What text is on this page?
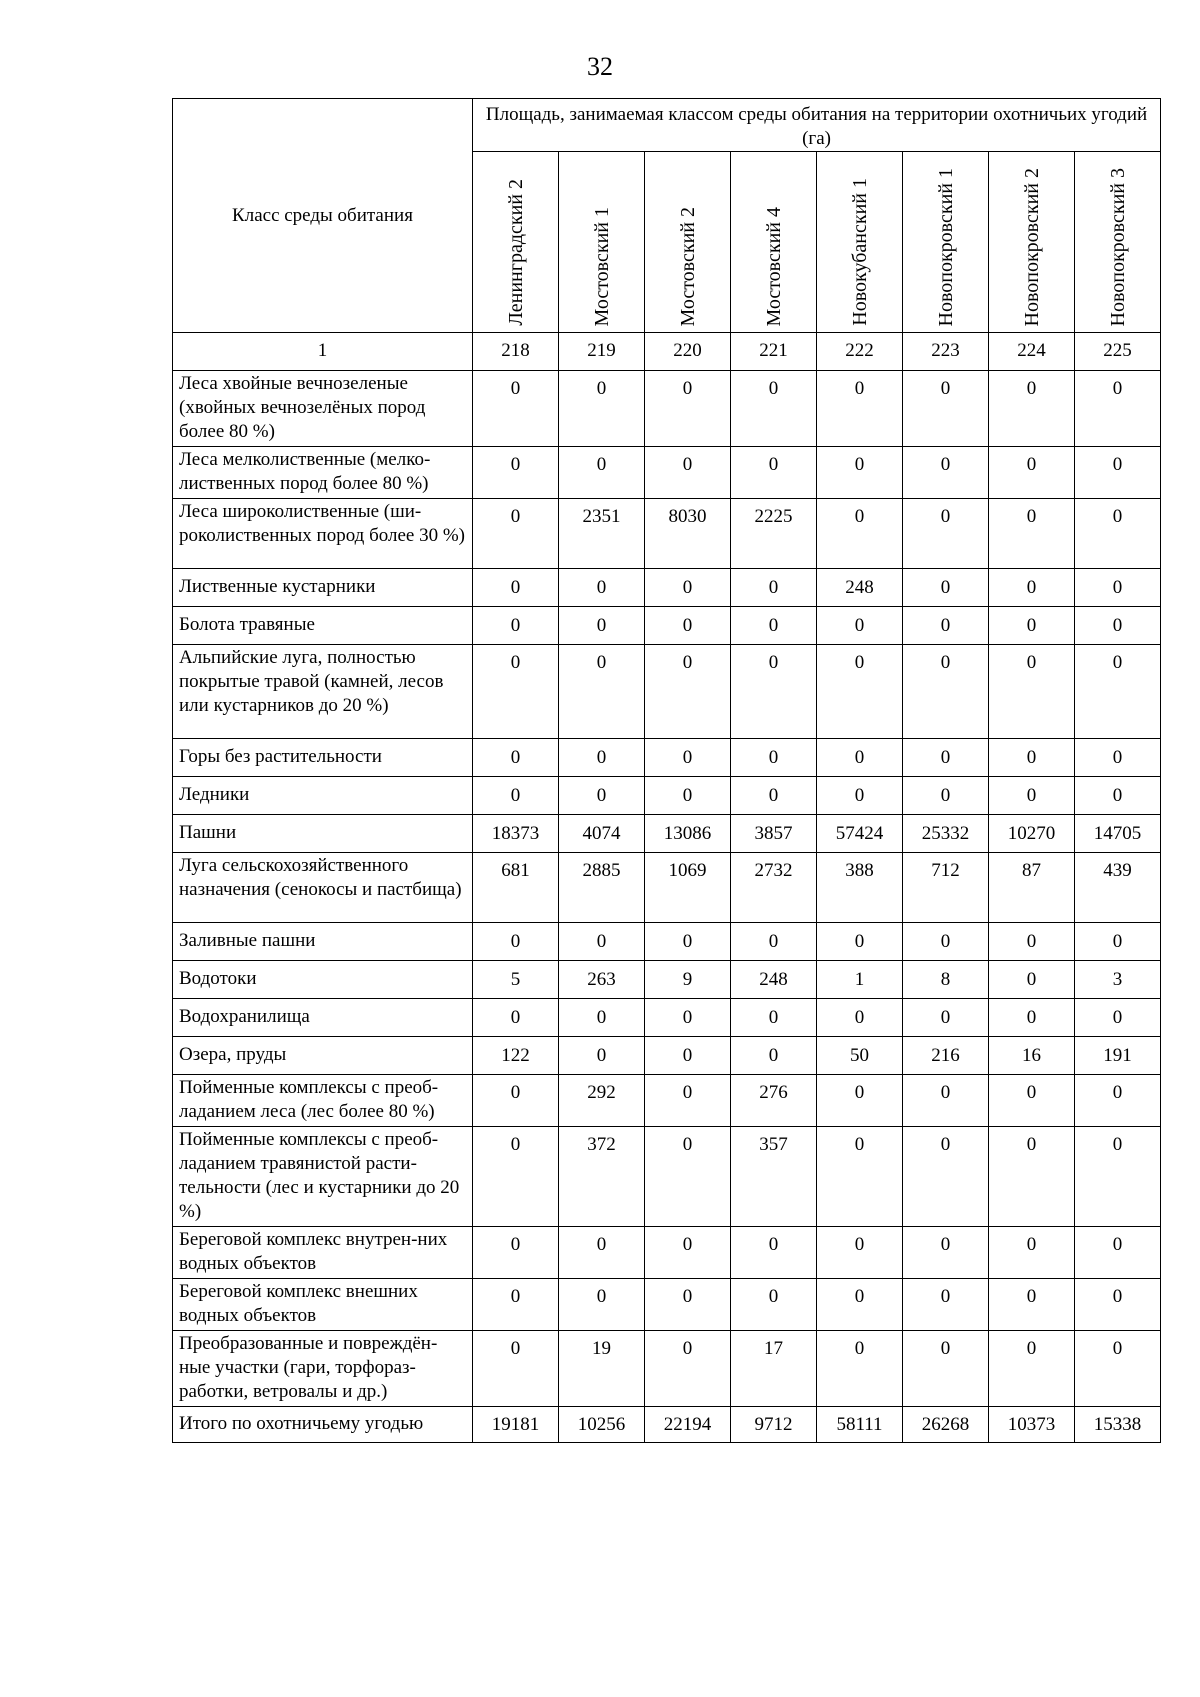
32
Класс среды обитания	Площадь, занимаемая классом среды обитания на территории охотничьих угодий (га)							

	Ленинградский 2	Мостовский 1	Мостовский 2	Мостовский 4	Новокубанский 1	Новопокровский 1	Новопокровский 2	Новопокровский 3

1	218	219	220	221	222	223	224	225
Леса хвойные вечнозеленые (хвойных вечнозелёных пород более 80 %)	0	0	0	0	0	0	0	0
Леса мелколиственные (мелко-лиственных пород более 80 %)	0	0	0	0	0	0	0	0
Леса широколиственные (ши-роколиственных пород более 30 %)	0	2351	8030	2225	0	0	0	0
Лиственные кустарники	0	0	0	0	248	0	0	0
Болота травяные	0	0	0	0	0	0	0	0
Альпийские луга, полностью покрытые травой (камней, лесов или кустарников до 20 %)	0	0	0	0	0	0	0	0
Горы без растительности	0	0	0	0	0	0	0	0
Ледники	0	0	0	0	0	0	0	0
Пашни	18373	4074	13086	3857	57424	25332	10270	14705
Луга сельскохозяйственного назначения (сенокосы и пастбища)	681	2885	1069	2732	388	712	87	439
Заливные пашни	0	0	0	0	0	0	0	0
Водотоки	5	263	9	248	1	8	0	3
Водохранилища	0	0	0	0	0	0	0	0
Озера, пруды	122	0	0	0	50	216	16	191
Пойменные комплексы с преоб-ладанием леса (лес более 80 %)	0	292	0	276	0	0	0	0
Пойменные комплексы с преоб-ладанием травянистой расти-тельности (лес и кустарники до 20 %)	0	372	0	357	0	0	0	0
Береговой комплекс внутрен-них водных объектов	0	0	0	0	0	0	0	0
Береговой комплекс внешних водных объектов	0	0	0	0	0	0	0	0
Преобразованные и повреждён-ные участки (гари, торфораз-работки, ветровалы и др.)	0	19	0	17	0	0	0	0
Итого по охотничьему угодью	19181	10256	22194	9712	58111	26268	10373	15338
